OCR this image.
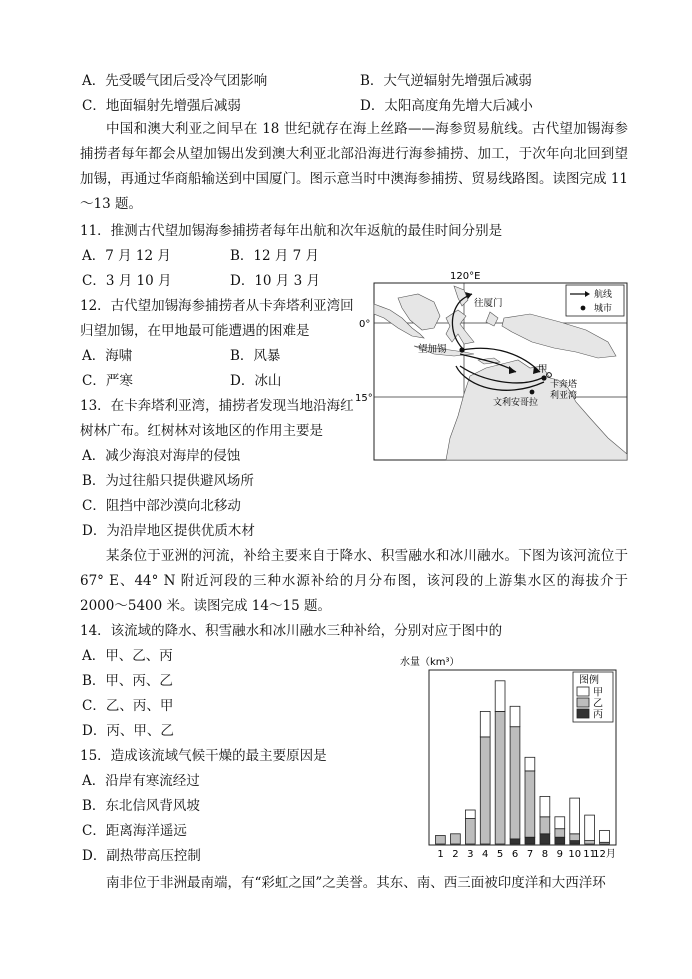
A．先受暖气团后受冷气团影响	B．大气逆辐射先增强后减弱
C．地面辐射先增强后减弱	D．太阳高度角先增大后减小
中国和澳大利亚之间早在 18 世纪就存在海上丝路——海参贸易航线。古代望加锡海参捕捞者每年都会从望加锡出发到澳大利亚北部沿海进行海参捕捞、加工，于次年向北回到望加锡，再通过华商船输送到中国厦门。图示意当时中澳海参捕捞、贸易线路图。读图完成 11～13 题。
11．推测古代望加锡海参捕捞者每年出航和次年返航的最佳时间分别是
A．7 月 12 月	B．12 月 7 月
C．3 月 10 月	D．10 月 3 月
12．古代望加锡海参捕捞者从卡奔塔利亚湾回
归望加锡，在甲地最可能遭遇的困难是
A．海啸	B．风暴
C．严寒	D．冰山
13．在卡奔塔利亚湾，捕捞者发现当地沿海红
树林广布。红树林对该地区的作用主要是
A．减少海浪对海岸的侵蚀
B．为过往船只提供避风场所
C．阻挡中部沙漠向北移动
D．为沿岸地区提供优质木材
120°E
0°
15°
往厦门
望加锡
甲
卡奔塔
利亚湾
文利安哥拉
航线
城市
某条位于亚洲的河流，补给主要来自于降水、积雪融水和冰川融水。下图为该河流位于 67° E、44° N 附近河段的三种水源补给的月分布图，该河段的上游集水区的海拔介于 2000～5400 米。读图完成 14～15 题。
14．该流域的降水、积雪融水和冰川融水三种补给，分别对应于图中的
A．甲、乙、丙
B．甲、丙、乙
C．乙、丙、甲
D．丙、甲、乙
15．造成该流域气候干燥的最主要原因是
A．沿岸有寒流经过
B．东北信风背风坡
C．距离海洋遥远
D．副热带高压控制
水量（km³）
1 2 3 4 5 6 7 8 9 10 11
12月
图例
甲
乙
丙
南非位于非洲最南端，有“彩虹之国”之美誉。其东、南、西三面被印度洋和大西洋环
